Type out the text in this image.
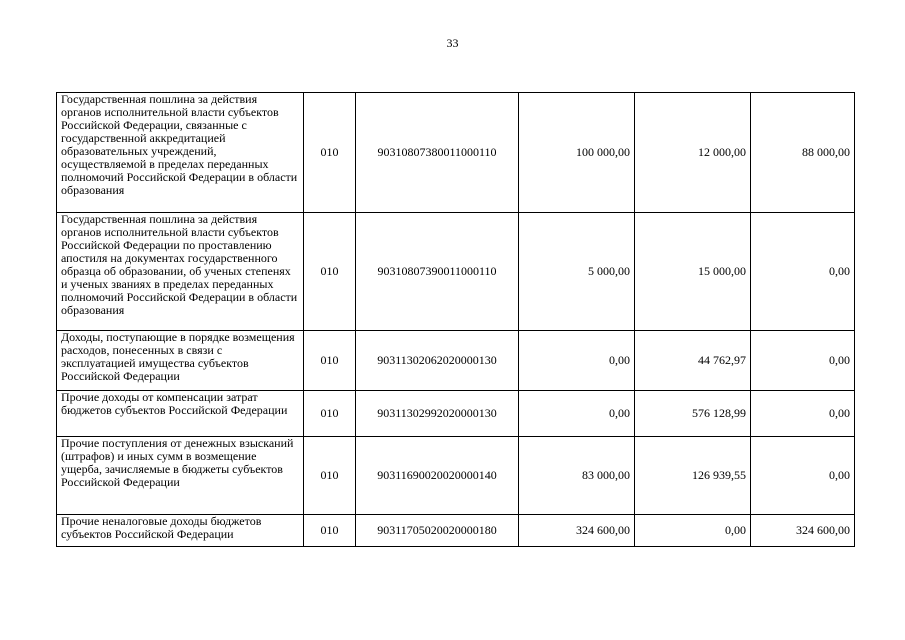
33
Государственная пошлина за действия органов исполнительной власти субъектов Российской Федерации, связанные с государственной аккредитацией образовательных учреждений, осуществляемой в пределах переданных полномочий Российской Федерации в области образования	010	90310807380011000110	100 000,00	12 000,00	88 000,00
Государственная пошлина за действия органов исполнительной власти субъектов Российской Федерации по проставлению апостиля на документах государственного образца об образовании, об ученых степенях и ученых званиях в пределах переданных полномочий Российской Федерации в области образования	010	90310807390011000110	5 000,00	15 000,00	0,00
Доходы, поступающие в порядке возмещения расходов, понесенных в связи с эксплуатацией имущества субъектов Российской Федерации	010	90311302062020000130	0,00	44 762,97	0,00
Прочие доходы от компенсации затрат бюджетов субъектов Российской Федерации	010	90311302992020000130	0,00	576 128,99	0,00
Прочие поступления от денежных взысканий (штрафов) и иных сумм в возмещение ущерба, зачисляемые в бюджеты субъектов Российской Федерации	010	90311690020020000140	83 000,00	126 939,55	0,00
Прочие неналоговые доходы бюджетов субъектов Российской Федерации	010	90311705020020000180	324 600,00	0,00	324 600,00
